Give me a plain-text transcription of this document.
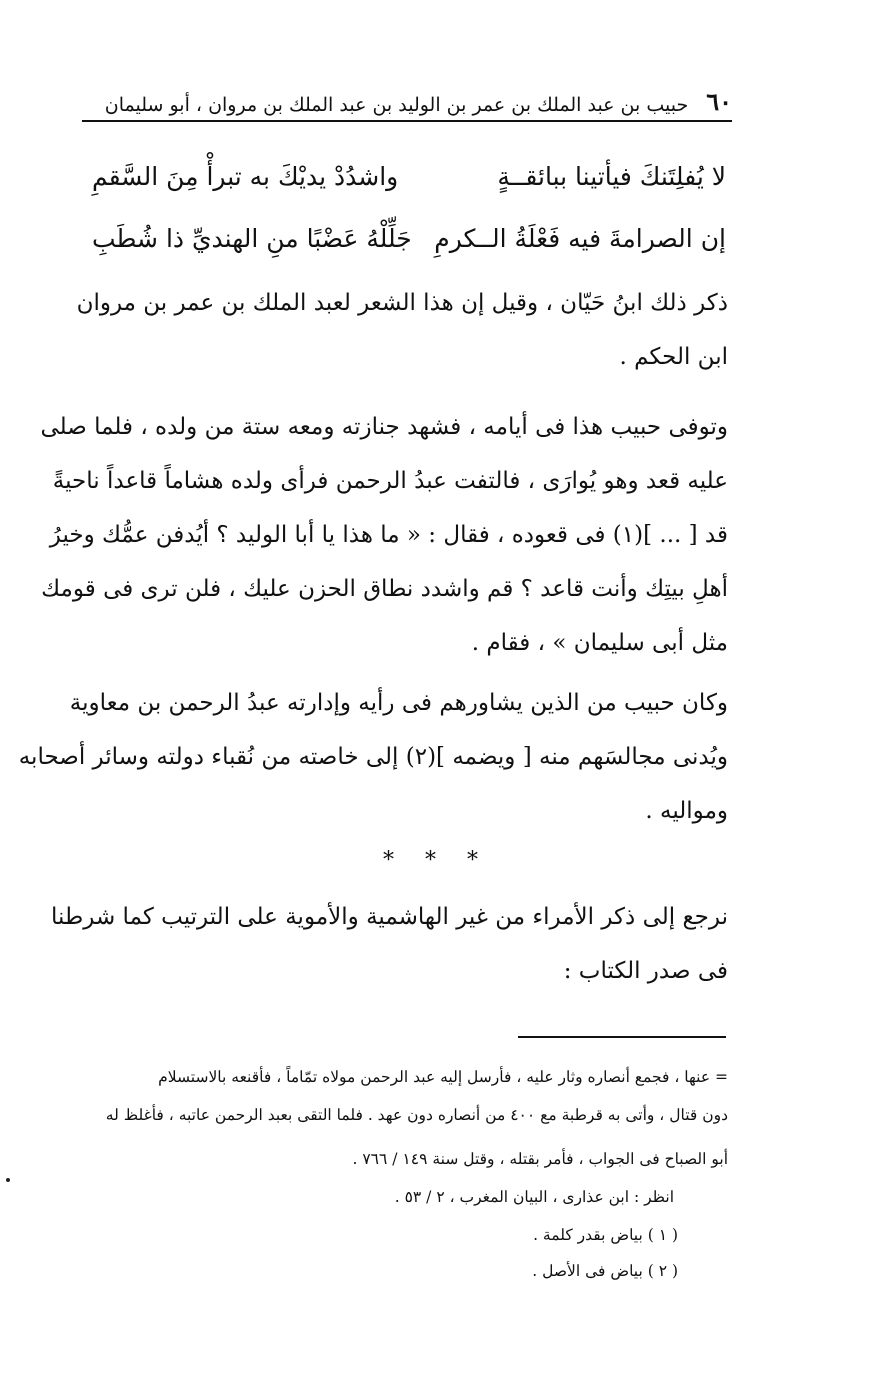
٦٠
حبيب بن عبد الملك بن عمر بن الوليد بن عبد الملك بن مروان ، أبو سليمان
لا يُفلِتَنكَ فيأتينا ببائقــةٍ
واشدُدْ يديْكَ به تبرأْ مِنَ السَّقمِ
إن الصرامةَ فيه فَعْلَةُ الــكرمِ
جَلِّلْهُ عَضْبًا منِ الهنديِّ ذا شُطَبِ
ذكر ذلك ابنُ حَيّان ، وقيل إن هذا الشعر لعبد الملك بن عمر بن مروان
ابن الحكم .
وتوفى حبيب هذا فى أيامه ، فشهد جنازته ومعه ستة من ولده ، فلما صلى
عليه قعد وهو يُوارَى ، فالتفت عبدُ الرحمن فرأى ولده هشاماً قاعداً ناحيةً
قد [ ... ](١) فى قعوده ، فقال : « ما هذا يا أبا الوليد ؟ أيُدفن عمُّك وخيرُ
أهلِ بيتِك وأنت قاعد ؟ قم واشدد نطاق الحزن عليك ، فلن ترى فى قومك
مثل أبى سليمان » ، فقام .
وكان حبيب من الذين يشاورهم فى رأيه وإدارته عبدُ الرحمن بن معاوية
ويُدنى مجالسَهم منه [ ويضمه ](٢) إلى خاصته من نُقباء دولته وسائر أصحابه
ومواليه .
* * *
نرجع إلى ذكر الأمراء من غير الهاشمية والأموية على الترتيب كما شرطنا
فى صدر الكتاب :
= عنها ، فجمع أنصاره وثار عليه ، فأرسل إليه عبد الرحمن مولاه تمّاماً ، فأقنعه بالاستسلام
دون قتال ، وأتى به قرطبة مع ٤٠٠ من أنصاره دون عهد . فلما التقى بعبد الرحمن عاتبه ، فأغلظ له
أبو الصباح فى الجواب ، فأمر بقتله ، وقتل سنة ١٤٩ / ٧٦٦ .
انظر : ابن عذارى ، البيان المغرب ، ٢ / ٥٣ .
( ١ ) بياض بقدر كلمة .
( ٢ ) بياض فى الأصل .
